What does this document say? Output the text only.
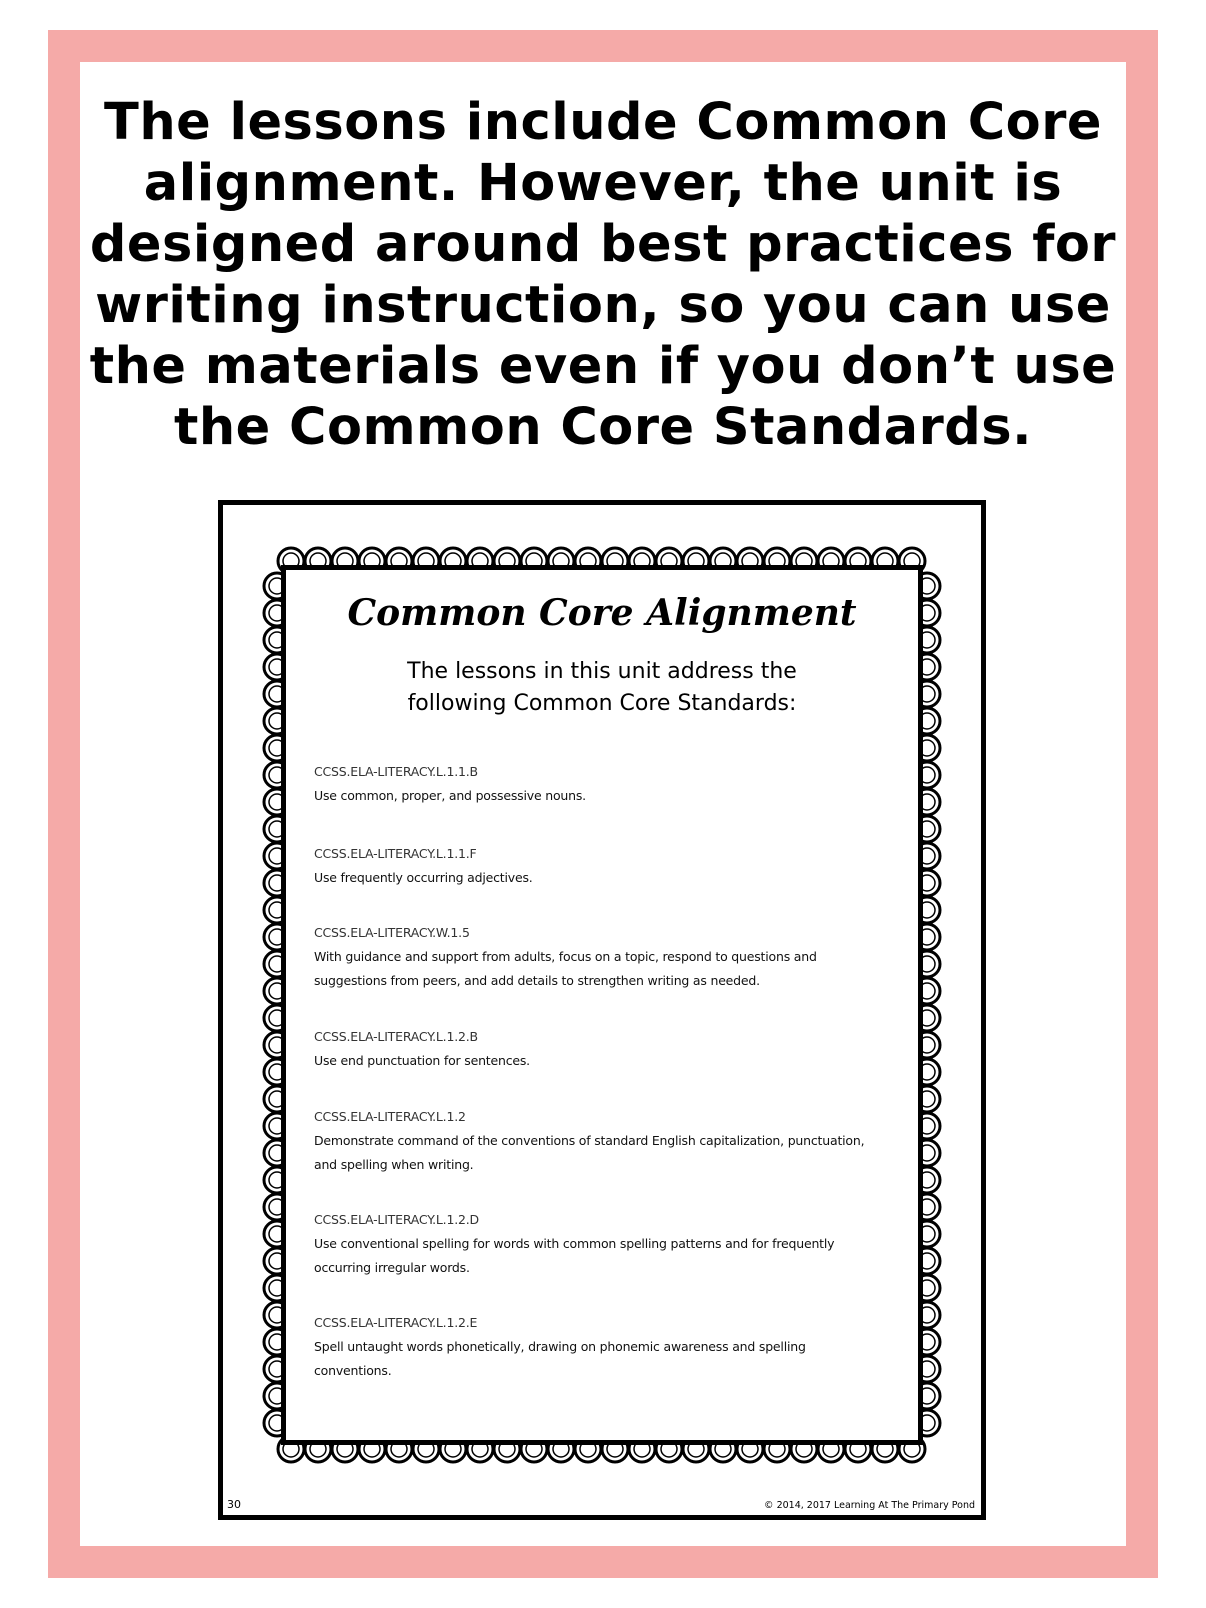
The lessons include Common Core
alignment. However, the unit is
designed around best practices for
writing instruction, so you can use
the materials even if you don’t use
the Common Core Standards.
Common Core Alignment

The lessons in this unit address the
following Common Core Standards:

CCSS.ELA-LITERACY.L.1.1.B
Use common, proper, and possessive nouns.
CCSS.ELA-LITERACY.L.1.1.F
Use frequently occurring adjectives.
CCSS.ELA-LITERACY.W.1.5
With guidance and support from adults, focus on a topic, respond to questions and
suggestions from peers, and add details to strengthen writing as needed.
CCSS.ELA-LITERACY.L.1.2.B
Use end punctuation for sentences.
CCSS.ELA-LITERACY.L.1.2
Demonstrate command of the conventions of standard English capitalization, punctuation,
and spelling when writing.
CCSS.ELA-LITERACY.L.1.2.D
Use conventional spelling for words with common spelling patterns and for frequently
occurring irregular words.
CCSS.ELA-LITERACY.L.1.2.E
Spell untaught words phonetically, drawing on phonemic awareness and spelling
conventions.
30	© 2014, 2017 Learning At The Primary Pond
